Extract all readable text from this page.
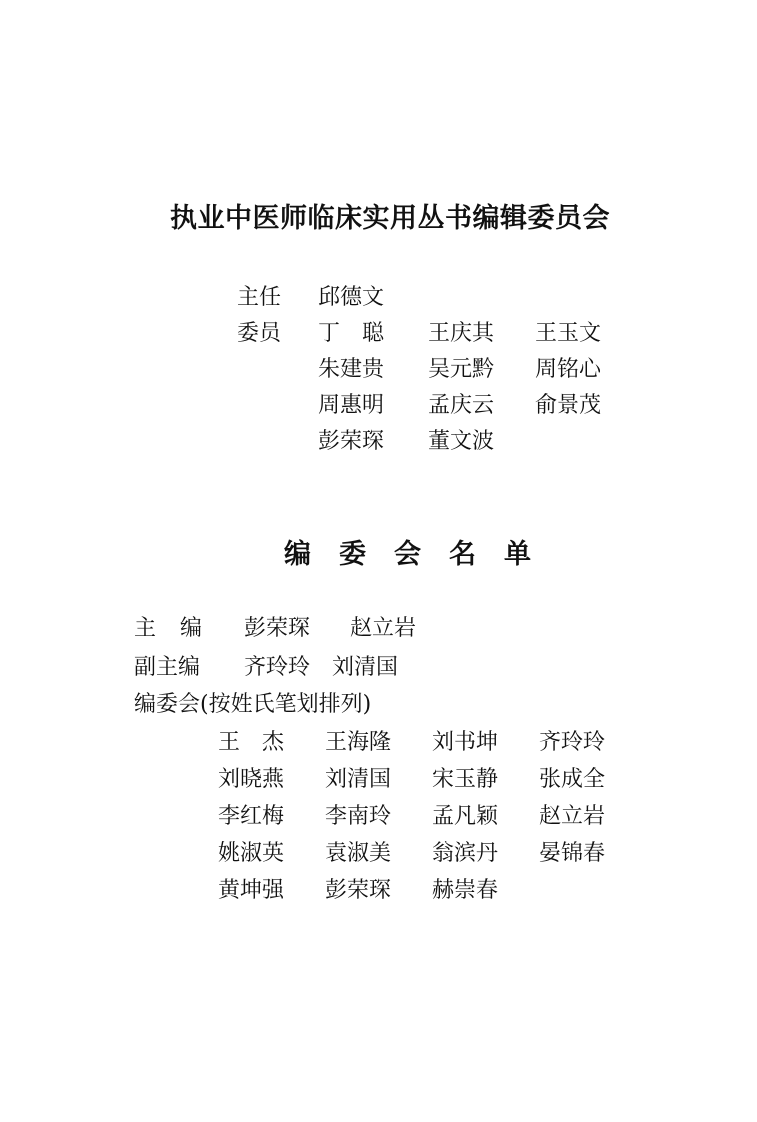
执业中医师临床实用丛书编辑委员会
主任 邱德文
委员 丁　聪 王庆其 王玉文
朱建贵 吴元黔 周铭心
周惠明 孟庆云 俞景茂
彭荣琛 董文波
编委会名单
主编 彭荣琛 赵立岩
副主编 齐玲玲 刘清国
编委会(按姓氏笔划排列)
王　杰 王海隆 刘书坤 齐玲玲
刘晓燕 刘清国 宋玉静 张成全
李红梅 李南玲 孟凡颖 赵立岩
姚淑英 袁淑美 翁滨丹 晏锦春
黄坤强 彭荣琛 赫崇春
